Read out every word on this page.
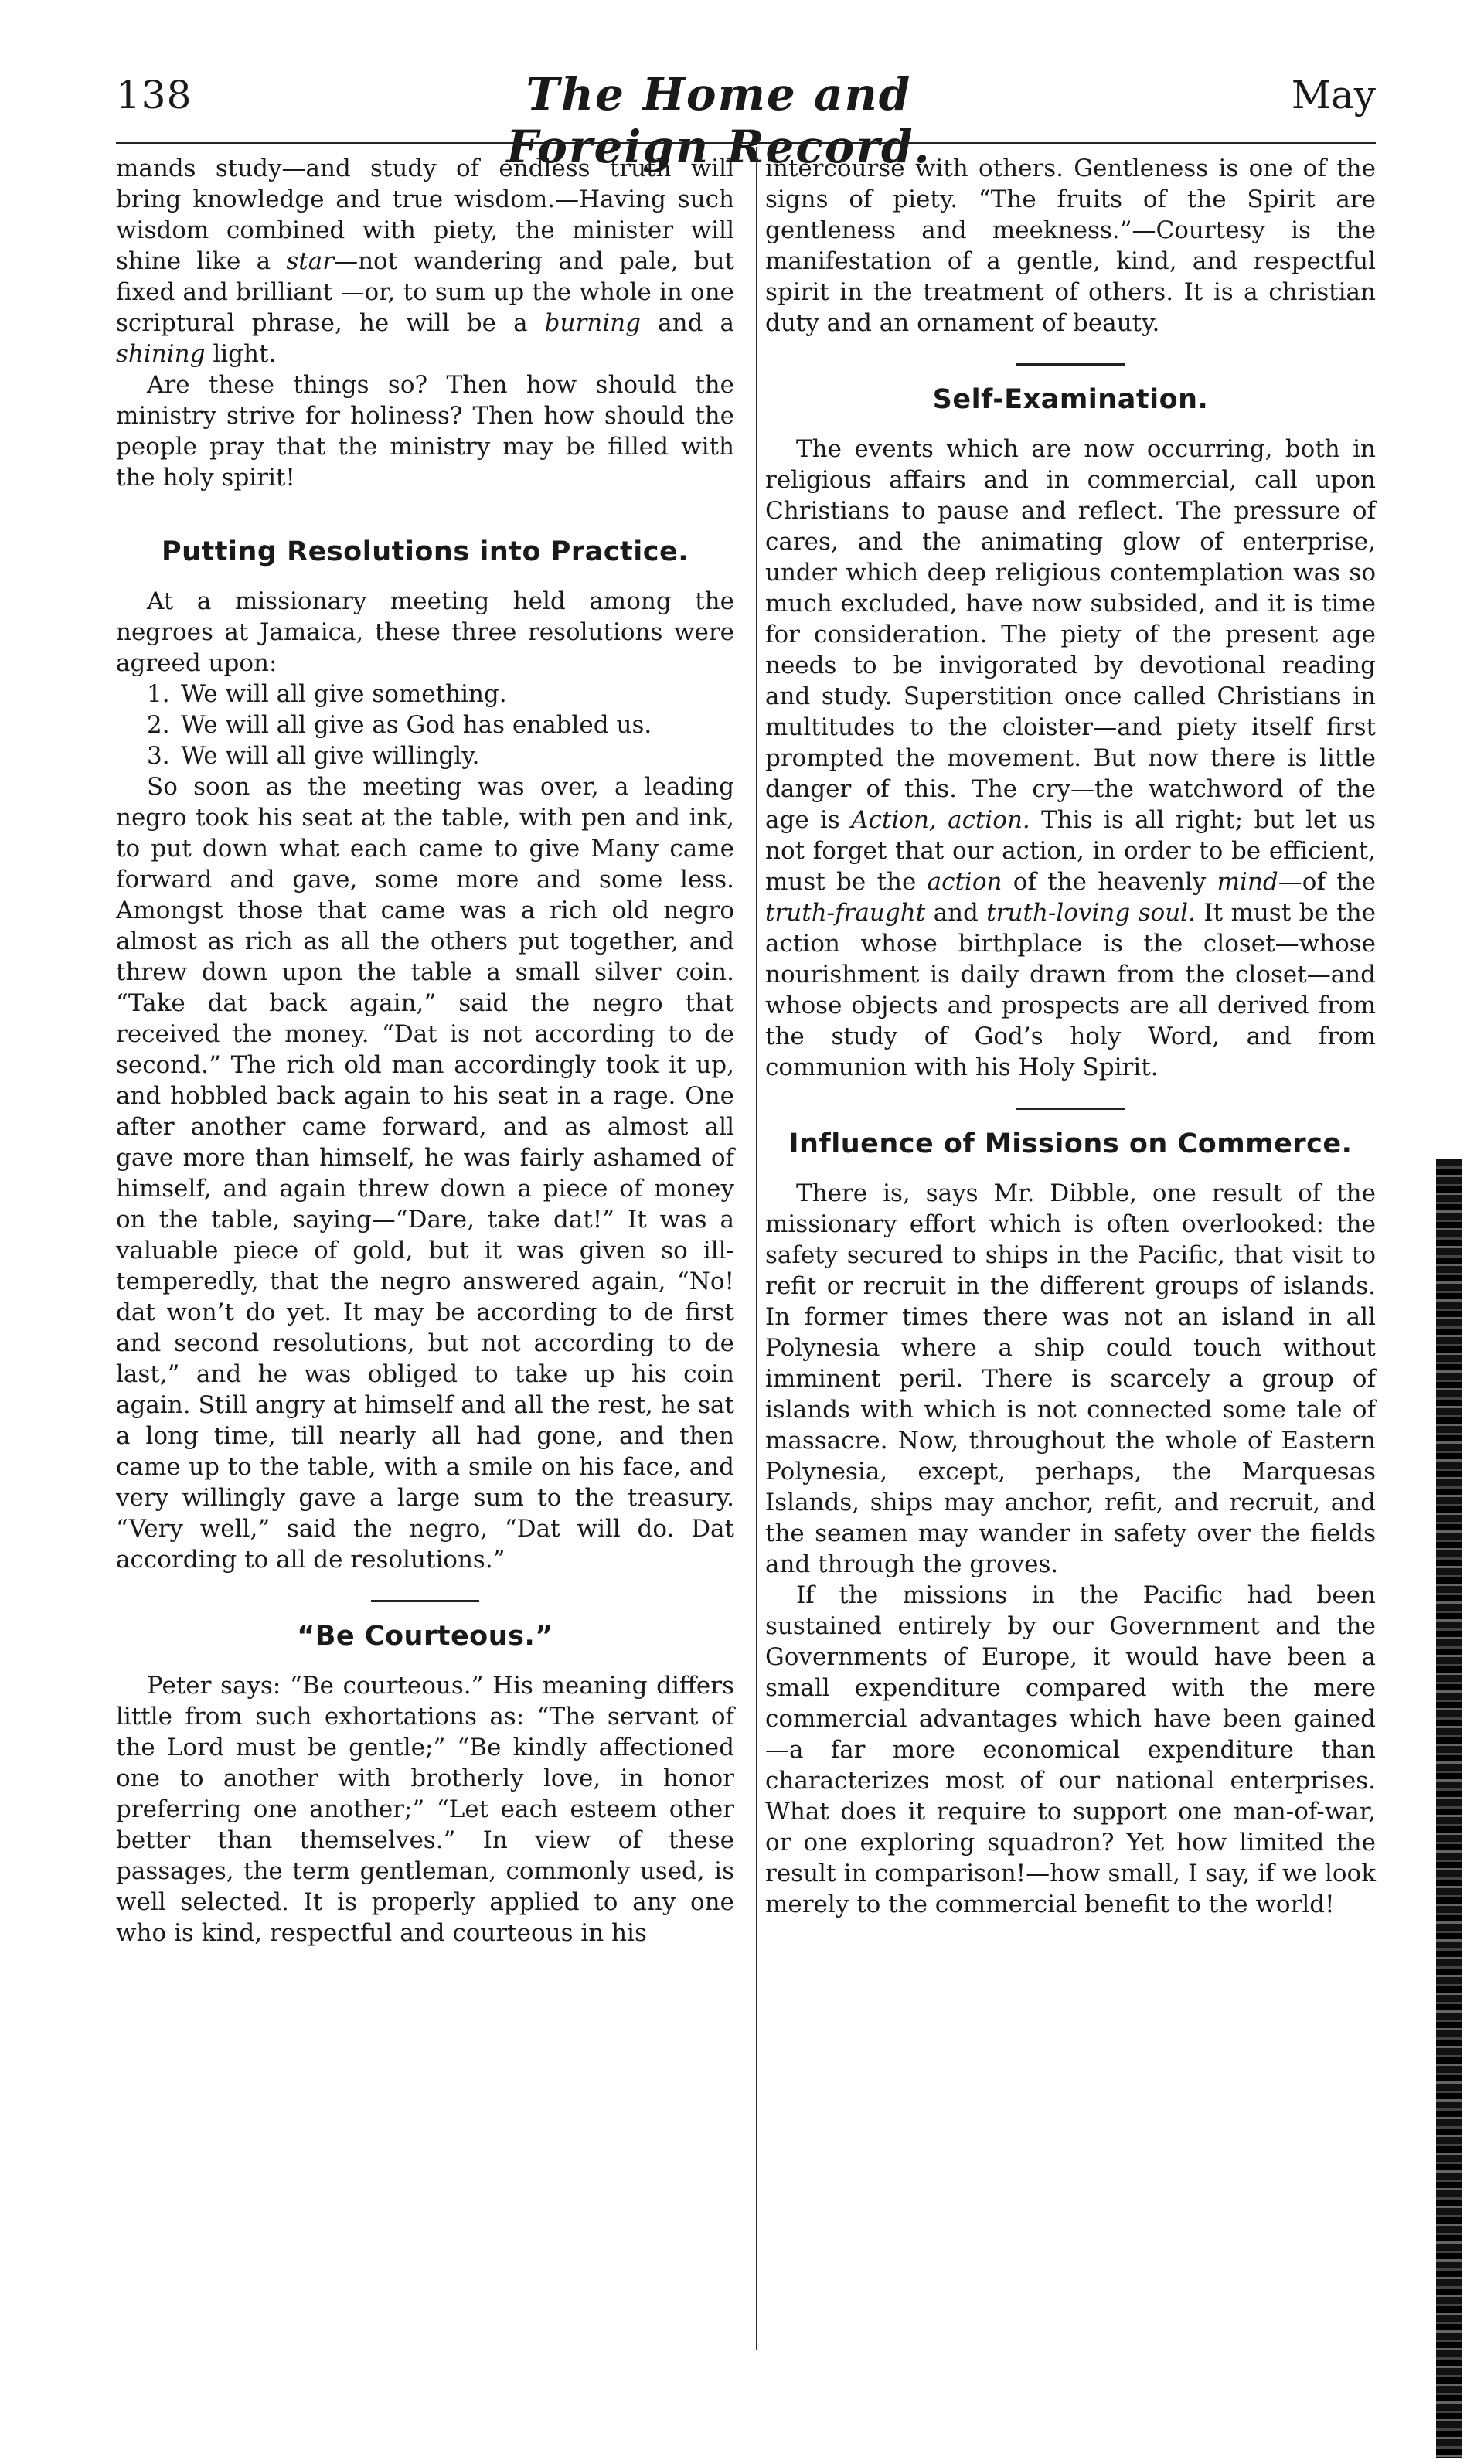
138	The Home and Foreign Record.
May

mands study—and study of endless truth will bring knowledge and true wisdom.—Having such wisdom combined with piety, the minister will shine like a star—not wandering and pale, but fixed and brilliant —or, to sum up the whole in one scriptural phrase, he will be a burning and a shining light.

Are these things so? Then how should the ministry strive for holiness? Then how should the people pray that the ministry may be filled with the holy spirit!

Putting Resolutions into Practice.

At a missionary meeting held among the negroes at Jamaica, these three resolutions were agreed upon:

1. We will all give something.

2. We will all give as God has enabled us.

3. We will all give willingly.

So soon as the meeting was over, a leading negro took his seat at the table, with pen and ink, to put down what each came to give Many came forward and gave, some more and some less. Amongst those that came was a rich old negro almost as rich as all the others put together, and threw down upon the table a small silver coin. “Take dat back again,” said the negro that received the money. “Dat is not according to de second.” The rich old man accordingly took it up, and hobbled back again to his seat in a rage. One after another came forward, and as almost all gave more than himself, he was fairly ashamed of himself, and again threw down a piece of money on the table, saying—“Dare, take dat!” It was a valuable piece of gold, but it was given so ill-temperedly, that the negro answered again, “No! dat won’t do yet. It may be according to de first and second resolutions, but not according to de last,” and he was obliged to take up his coin again. Still angry at himself and all the rest, he sat a long time, till nearly all had gone, and then came up to the table, with a smile on his face, and very willingly gave a large sum to the treasury. “Very well,” said the negro, “Dat will do. Dat according to all de resolutions.”

“Be Courteous.”

Peter says: “Be courteous.” His meaning differs little from such exhortations as: “The servant of the Lord must be gentle;” “Be kindly affectioned one to another with brotherly love, in honor preferring one another;” “Let each esteem other better than themselves.” In view of these passages, the term gentleman, commonly used, is well selected. It is properly applied to any one who is kind, respectful and courteous in his

intercourse with others. Gentleness is one of the signs of piety. “The fruits of the Spirit are gentleness and meekness.”—Courtesy is the manifestation of a gentle, kind, and respectful spirit in the treatment of others. It is a christian duty and an ornament of beauty.

Self-Examination.

The events which are now occurring, both in religious affairs and in commercial, call upon Christians to pause and reflect. The pressure of cares, and the animating glow of enterprise, under which deep religious contemplation was so much excluded, have now subsided, and it is time for consideration. The piety of the present age needs to be invigorated by devotional reading and study. Superstition once called Christians in multitudes to the cloister—and piety itself first prompted the movement. But now there is little danger of this. The cry—the watchword of the age is Action, action. This is all right; but let us not forget that our action, in order to be efficient, must be the action of the heavenly mind—of the truth-fraught and truth-loving soul. It must be the action whose birthplace is the closet—whose nourishment is daily drawn from the closet—and whose objects and prospects are all derived from the study of God’s holy Word, and from communion with his Holy Spirit.

Influence of Missions on Commerce.

There is, says Mr. Dibble, one result of the missionary effort which is often overlooked: the safety secured to ships in the Pacific, that visit to refit or recruit in the different groups of islands. In former times there was not an island in all Polynesia where a ship could touch without imminent peril. There is scarcely a group of islands with which is not connected some tale of massacre. Now, throughout the whole of Eastern Polynesia, except, perhaps, the Marquesas Islands, ships may anchor, refit, and recruit, and the seamen may wander in safety over the fields and through the groves.

If the missions in the Pacific had been sustained entirely by our Government and the Governments of Europe, it would have been a small expenditure compared with the mere commercial advantages which have been gained—a far more economical expenditure than characterizes most of our national enterprises. What does it require to support one man-of-war, or one exploring squadron? Yet how limited the result in comparison!—how small, I say, if we look merely to the commercial benefit to the world!
